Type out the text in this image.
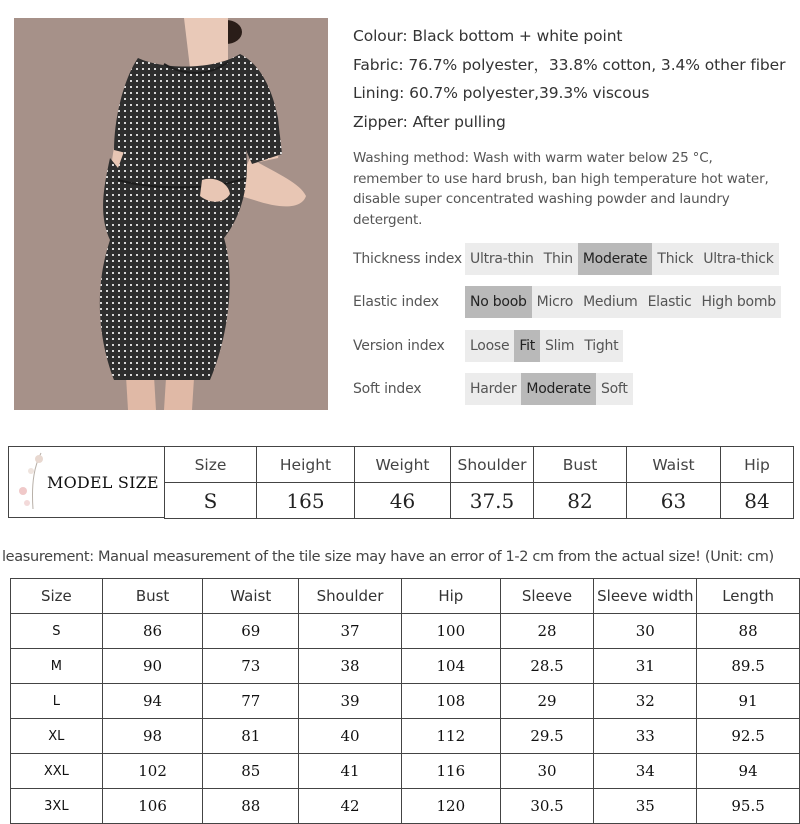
Colour: Black bottom + white point
Fabric: 76.7% polyester，33.8% cotton, 3.4% other fiber
Lining: 60.7% polyester,39.3% viscous
Zipper: After pulling
Washing method: Wash with warm water below 25 °C, remember to use hard brush, ban high temperature hot water, disable super concentrated washing powder and laundry detergent.
Thickness index Ultra-thin Thin Moderate Thick Ultra-thick
Elastic index	No boob Micro Medium Elastic High bomb
Version index	Loose Fit Slim Tight
Soft index	Harder Moderate Soft
MODEL SIZE
Size	Height	Weight	Shoulder	Bust	Waist	Hip
S	165	46	37.5	82	63	84
leasurement: Manual measurement of the tile size may have an error of 1-2 cm from the actual size! (Unit: cm)
Size	Bust	Waist	Shoulder	Hip	Sleeve	Sleeve width	Length
S	86	69	37	100	28	30	88
M	90	73	38	104	28.5	31	89.5
L	94	77	39	108	29	32	91
XL	98	81	40	112	29.5	33	92.5
XXL	102	85	41	116	30	34	94
3XL	106	88	42	120	30.5	35	95.5
